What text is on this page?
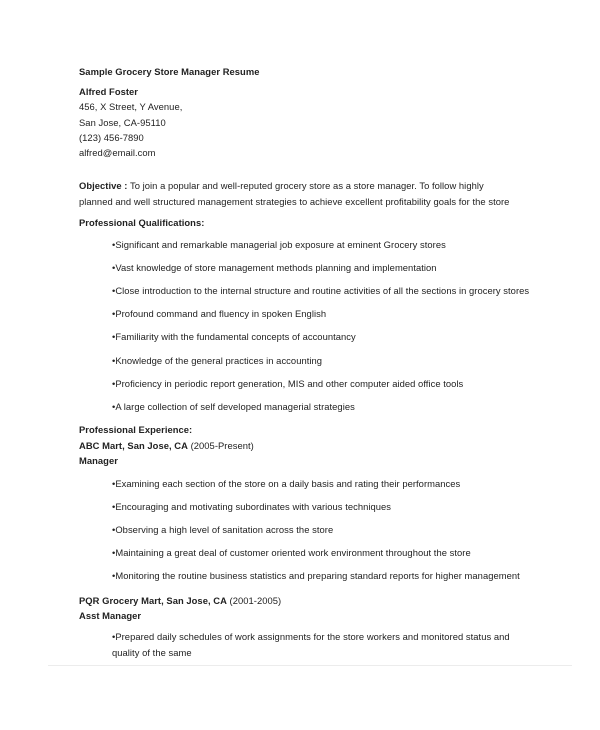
Sample Grocery Store Manager Resume
Alfred Foster
456, X Street, Y Avenue,
San Jose, CA-95110
(123) 456-7890
alfred@email.com
Objective : To join a popular and well-reputed grocery store as a store manager. To follow highly planned and well structured management strategies to achieve excellent profitability goals for the store
Professional Qualifications:
•Significant and remarkable managerial job exposure at eminent Grocery stores
•Vast knowledge of store management methods planning and implementation
•Close introduction to the internal structure and routine activities of all the sections in grocery stores
•Profound command and fluency in spoken English
•Familiarity with the fundamental concepts of accountancy
•Knowledge of the general practices in accounting
•Proficiency in periodic report generation, MIS and other computer aided office tools
•A large collection of self developed managerial strategies
Professional Experience:
ABC Mart, San Jose, CA (2005-Present)
Manager
•Examining each section of the store on a daily basis and rating their performances
•Encouraging and motivating subordinates with various techniques
•Observing a high level of sanitation across the store
•Maintaining a great deal of customer oriented work environment throughout the store
•Monitoring the routine business statistics and preparing standard reports for higher management
PQR Grocery Mart, San Jose, CA (2001-2005)
Asst Manager
•Prepared daily schedules of work assignments for the store workers and monitored status and quality of the same
